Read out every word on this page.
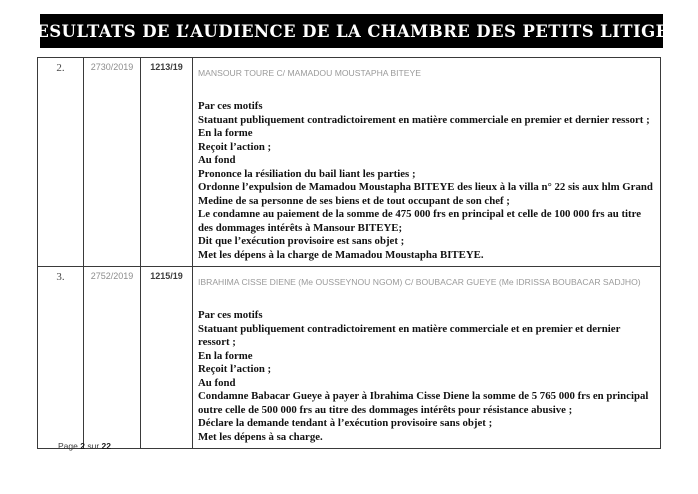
RESULTATS DE L’AUDIENCE DE LA CHAMBRE DES PETITS LITIGES
2.	2730/2019	1213/19

MANSOUR TOURE C/ MAMADOU MOUSTAPHA BITEYE
Par ces motifs
Statuant publiquement contradictoirement en matière commerciale en premier et dernier ressort ;
En la forme
Reçoit l’action ;
Au fond
Prononce la résiliation du bail liant les parties ;
Ordonne l’expulsion de Mamadou Moustapha BITEYE des lieux à la villa n° 22 sis aux hlm Grand Medine de sa personne de ses biens et de tout occupant de son chef ;
Le condamne au paiement de la somme de 475 000 frs en principal et celle de 100 000 frs au titre des dommages intérêts à Mansour BITEYE;
Dit que l’exécution provisoire est sans objet ;
Met les dépens à la charge de Mamadou Moustapha BITEYE.

3.	2752/2019	1215/19

IBRAHIMA CISSE DIENE (Me OUSSEYNOU NGOM) C/ BOUBACAR GUEYE (Me IDRISSA BOUBACAR SADJHO)
Par ces motifs
Statuant publiquement contradictoirement en matière commerciale et en premier et dernier ressort ;
En la forme
Reçoit l’action ;
Au fond
Condamne Babacar Gueye à payer à Ibrahima Cisse Diene la somme de 5 765 000 frs en principal outre celle de 500 000 frs au titre des dommages intérêts pour résistance abusive ;
Déclare la demande tendant à l’exécution provisoire sans objet ;
Met les dépens à sa charge.
Page 2 sur 22
